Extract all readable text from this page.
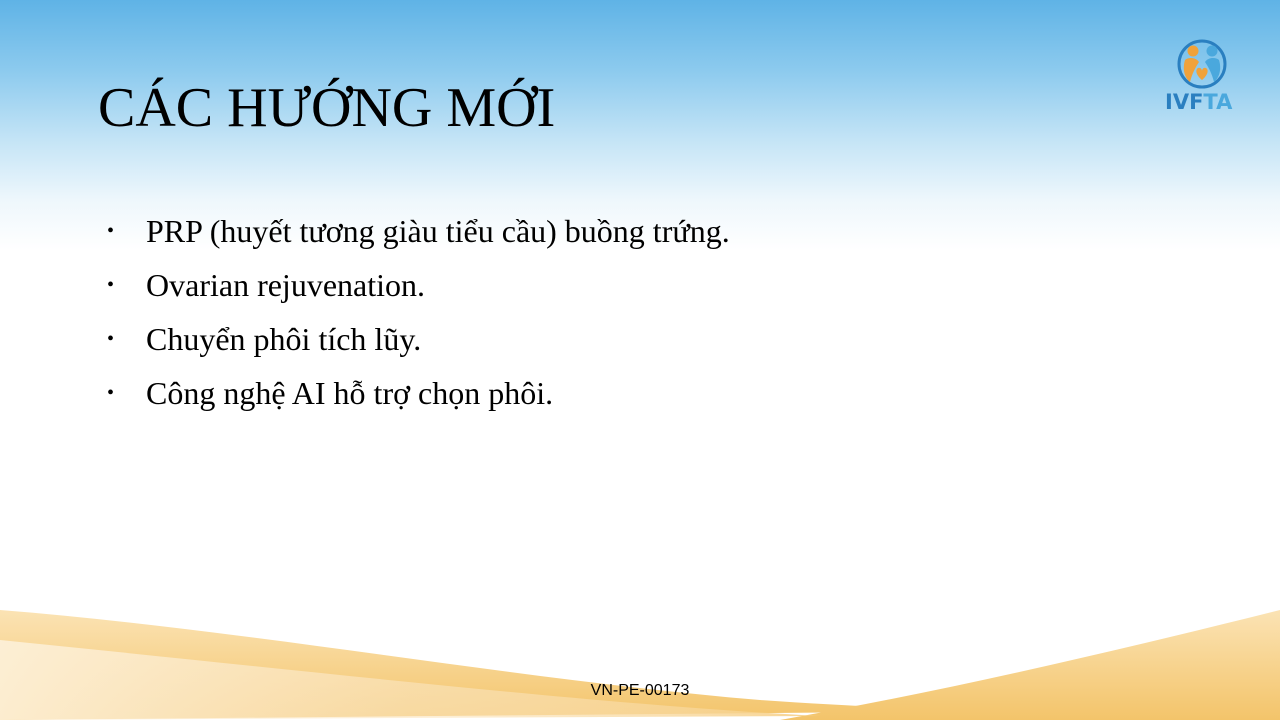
IVFTA
CÁC HƯỚNG MỚI
• PRP (huyết tương giàu tiểu cầu) buồng trứng.
• Ovarian rejuvenation.
• Chuyển phôi tích lũy.
• Công nghệ AI hỗ trợ chọn phôi.
VN-PE-00173
